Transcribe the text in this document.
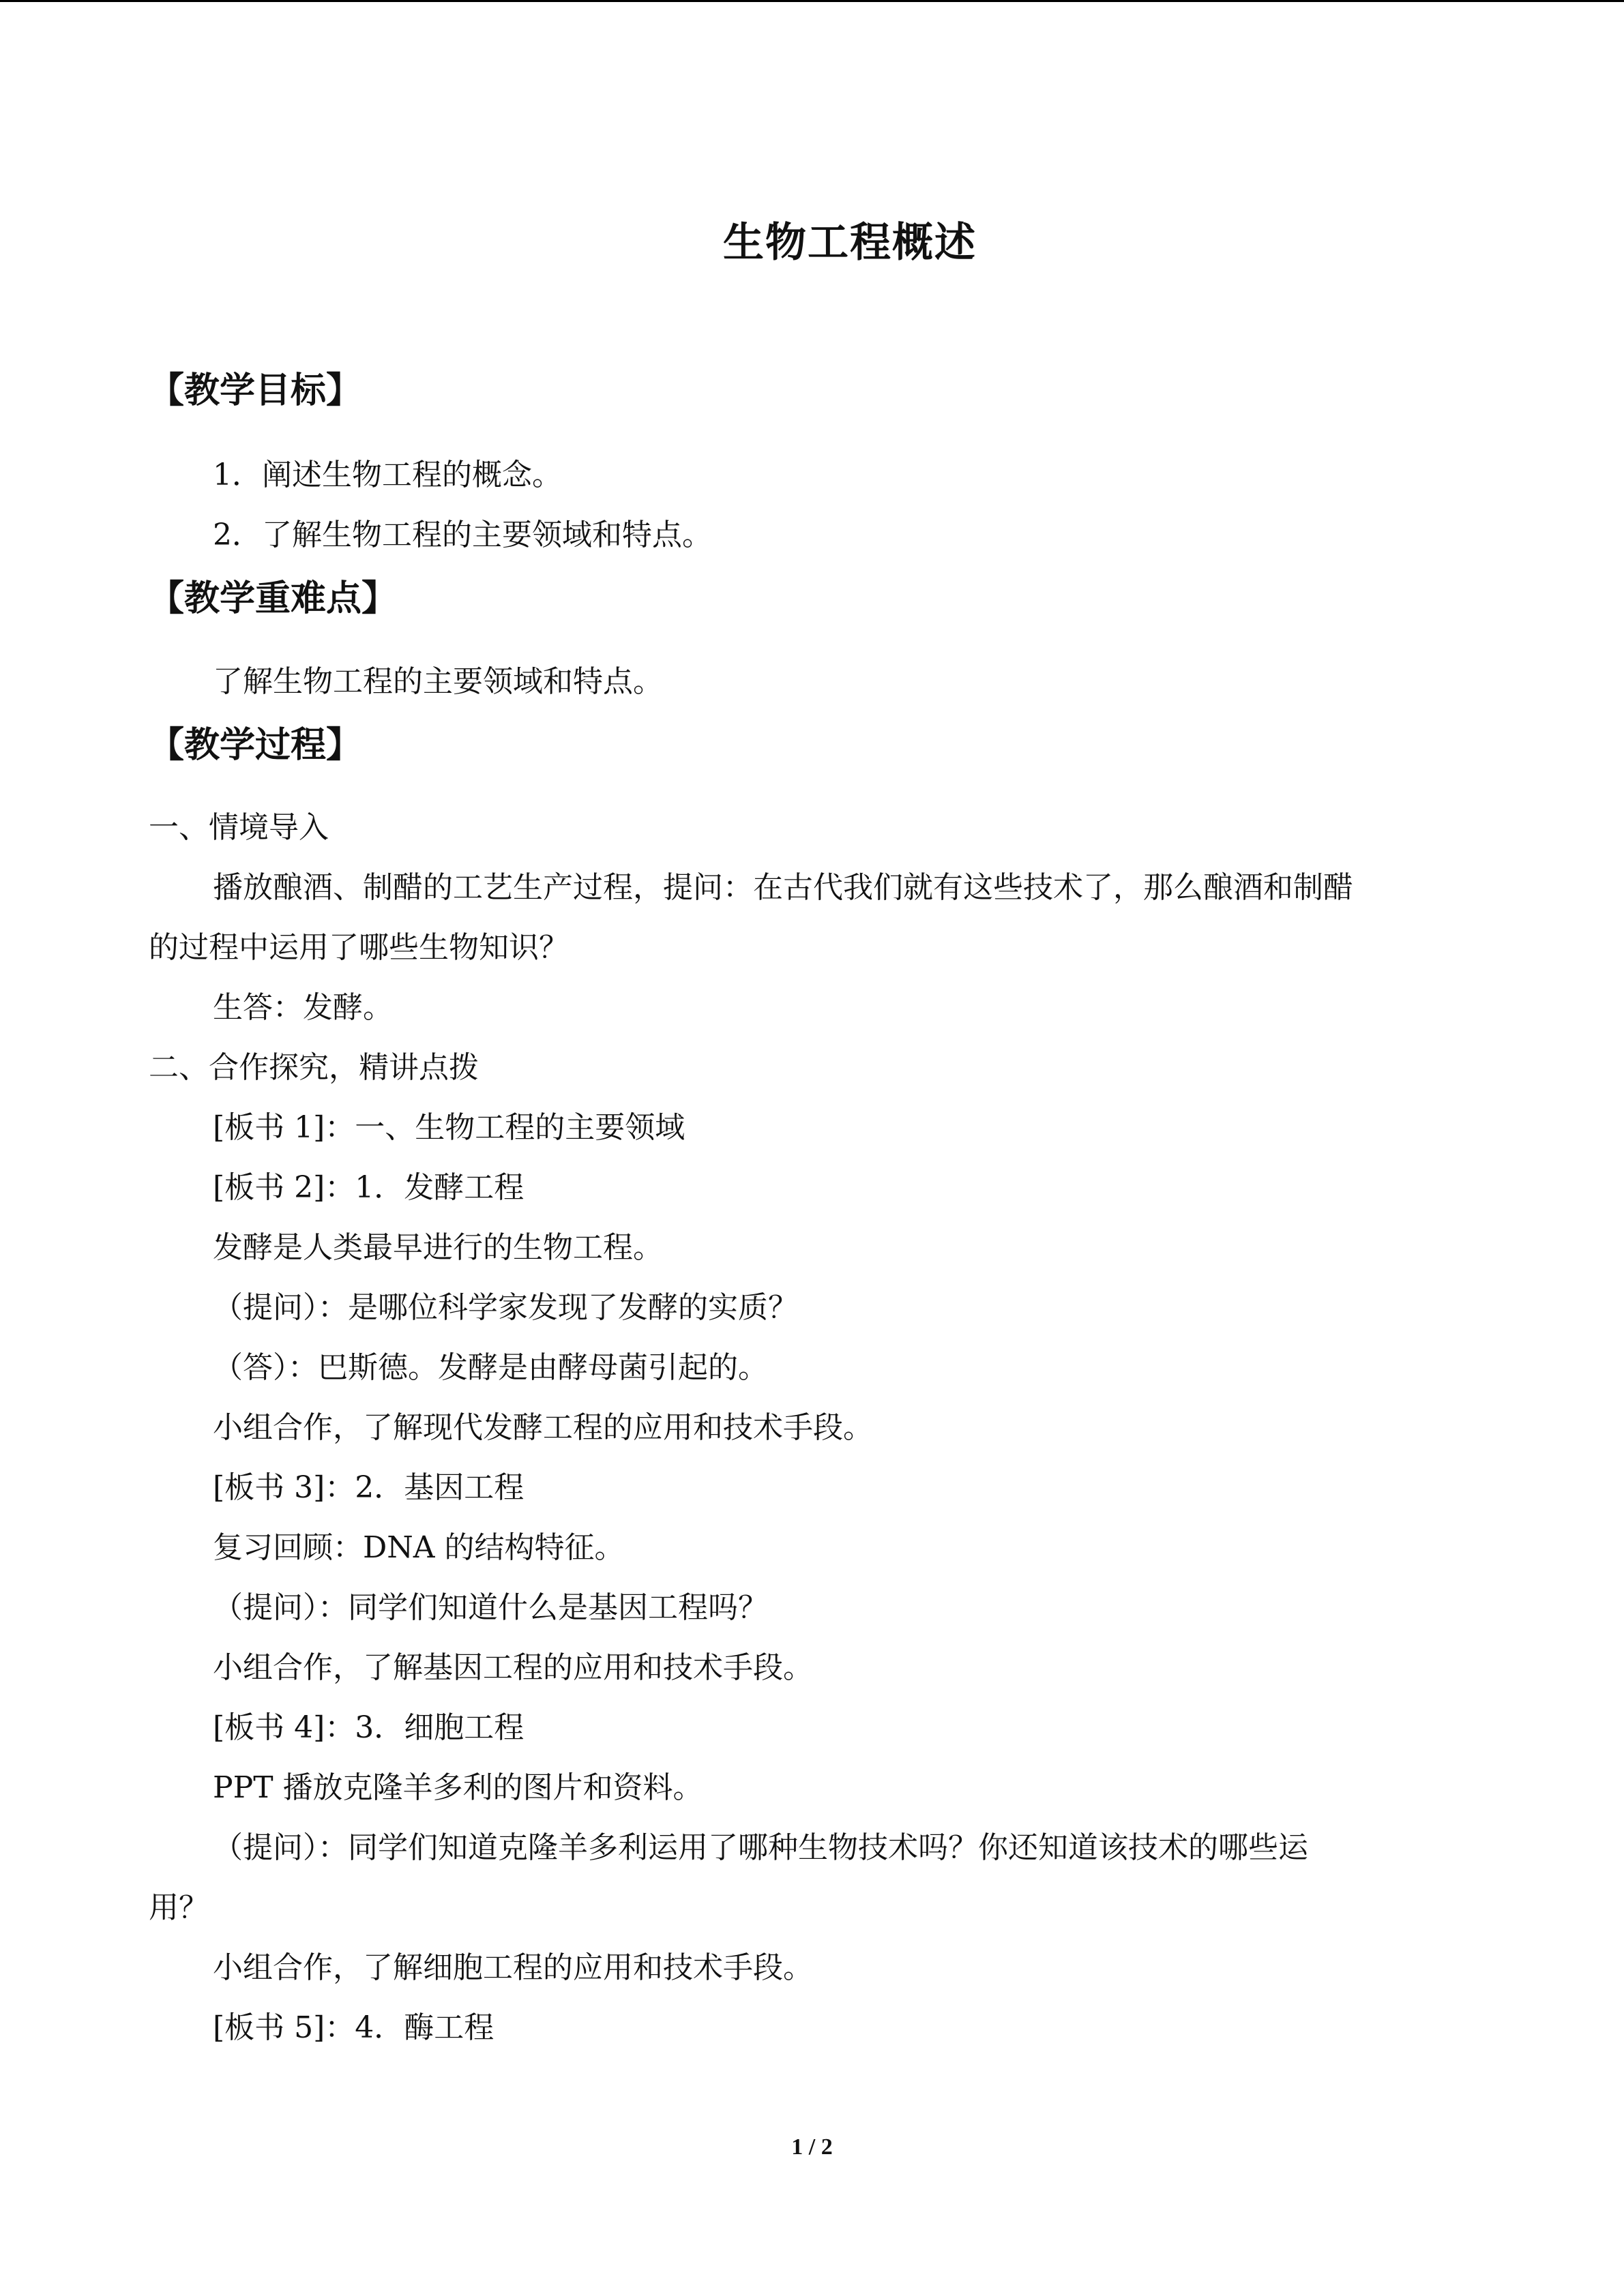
生物工程概述
【教学目标】
1．阐述生物工程的概念。
2．了解生物工程的主要领域和特点。
【教学重难点】
了解生物工程的主要领域和特点。
【教学过程】
一、情境导入
播放酿酒、制醋的工艺生产过程，提问：在古代我们就有这些技术了，那么酿酒和制醋
的过程中运用了哪些生物知识？
生答：发酵。
二、合作探究，精讲点拨
[板书 1]：一、生物工程的主要领域
[板书 2]：1．发酵工程
发酵是人类最早进行的生物工程。
（提问）：是哪位科学家发现了发酵的实质？
（答）：巴斯德。发酵是由酵母菌引起的。
小组合作，了解现代发酵工程的应用和技术手段。
[板书 3]：2．基因工程
复习回顾：DNA 的结构特征。
（提问）：同学们知道什么是基因工程吗？
小组合作，了解基因工程的应用和技术手段。
[板书 4]：3．细胞工程
PPT 播放克隆羊多利的图片和资料。
（提问）：同学们知道克隆羊多利运用了哪种生物技术吗？你还知道该技术的哪些运
用？
小组合作，了解细胞工程的应用和技术手段。
[板书 5]：4．酶工程
1 / 2
